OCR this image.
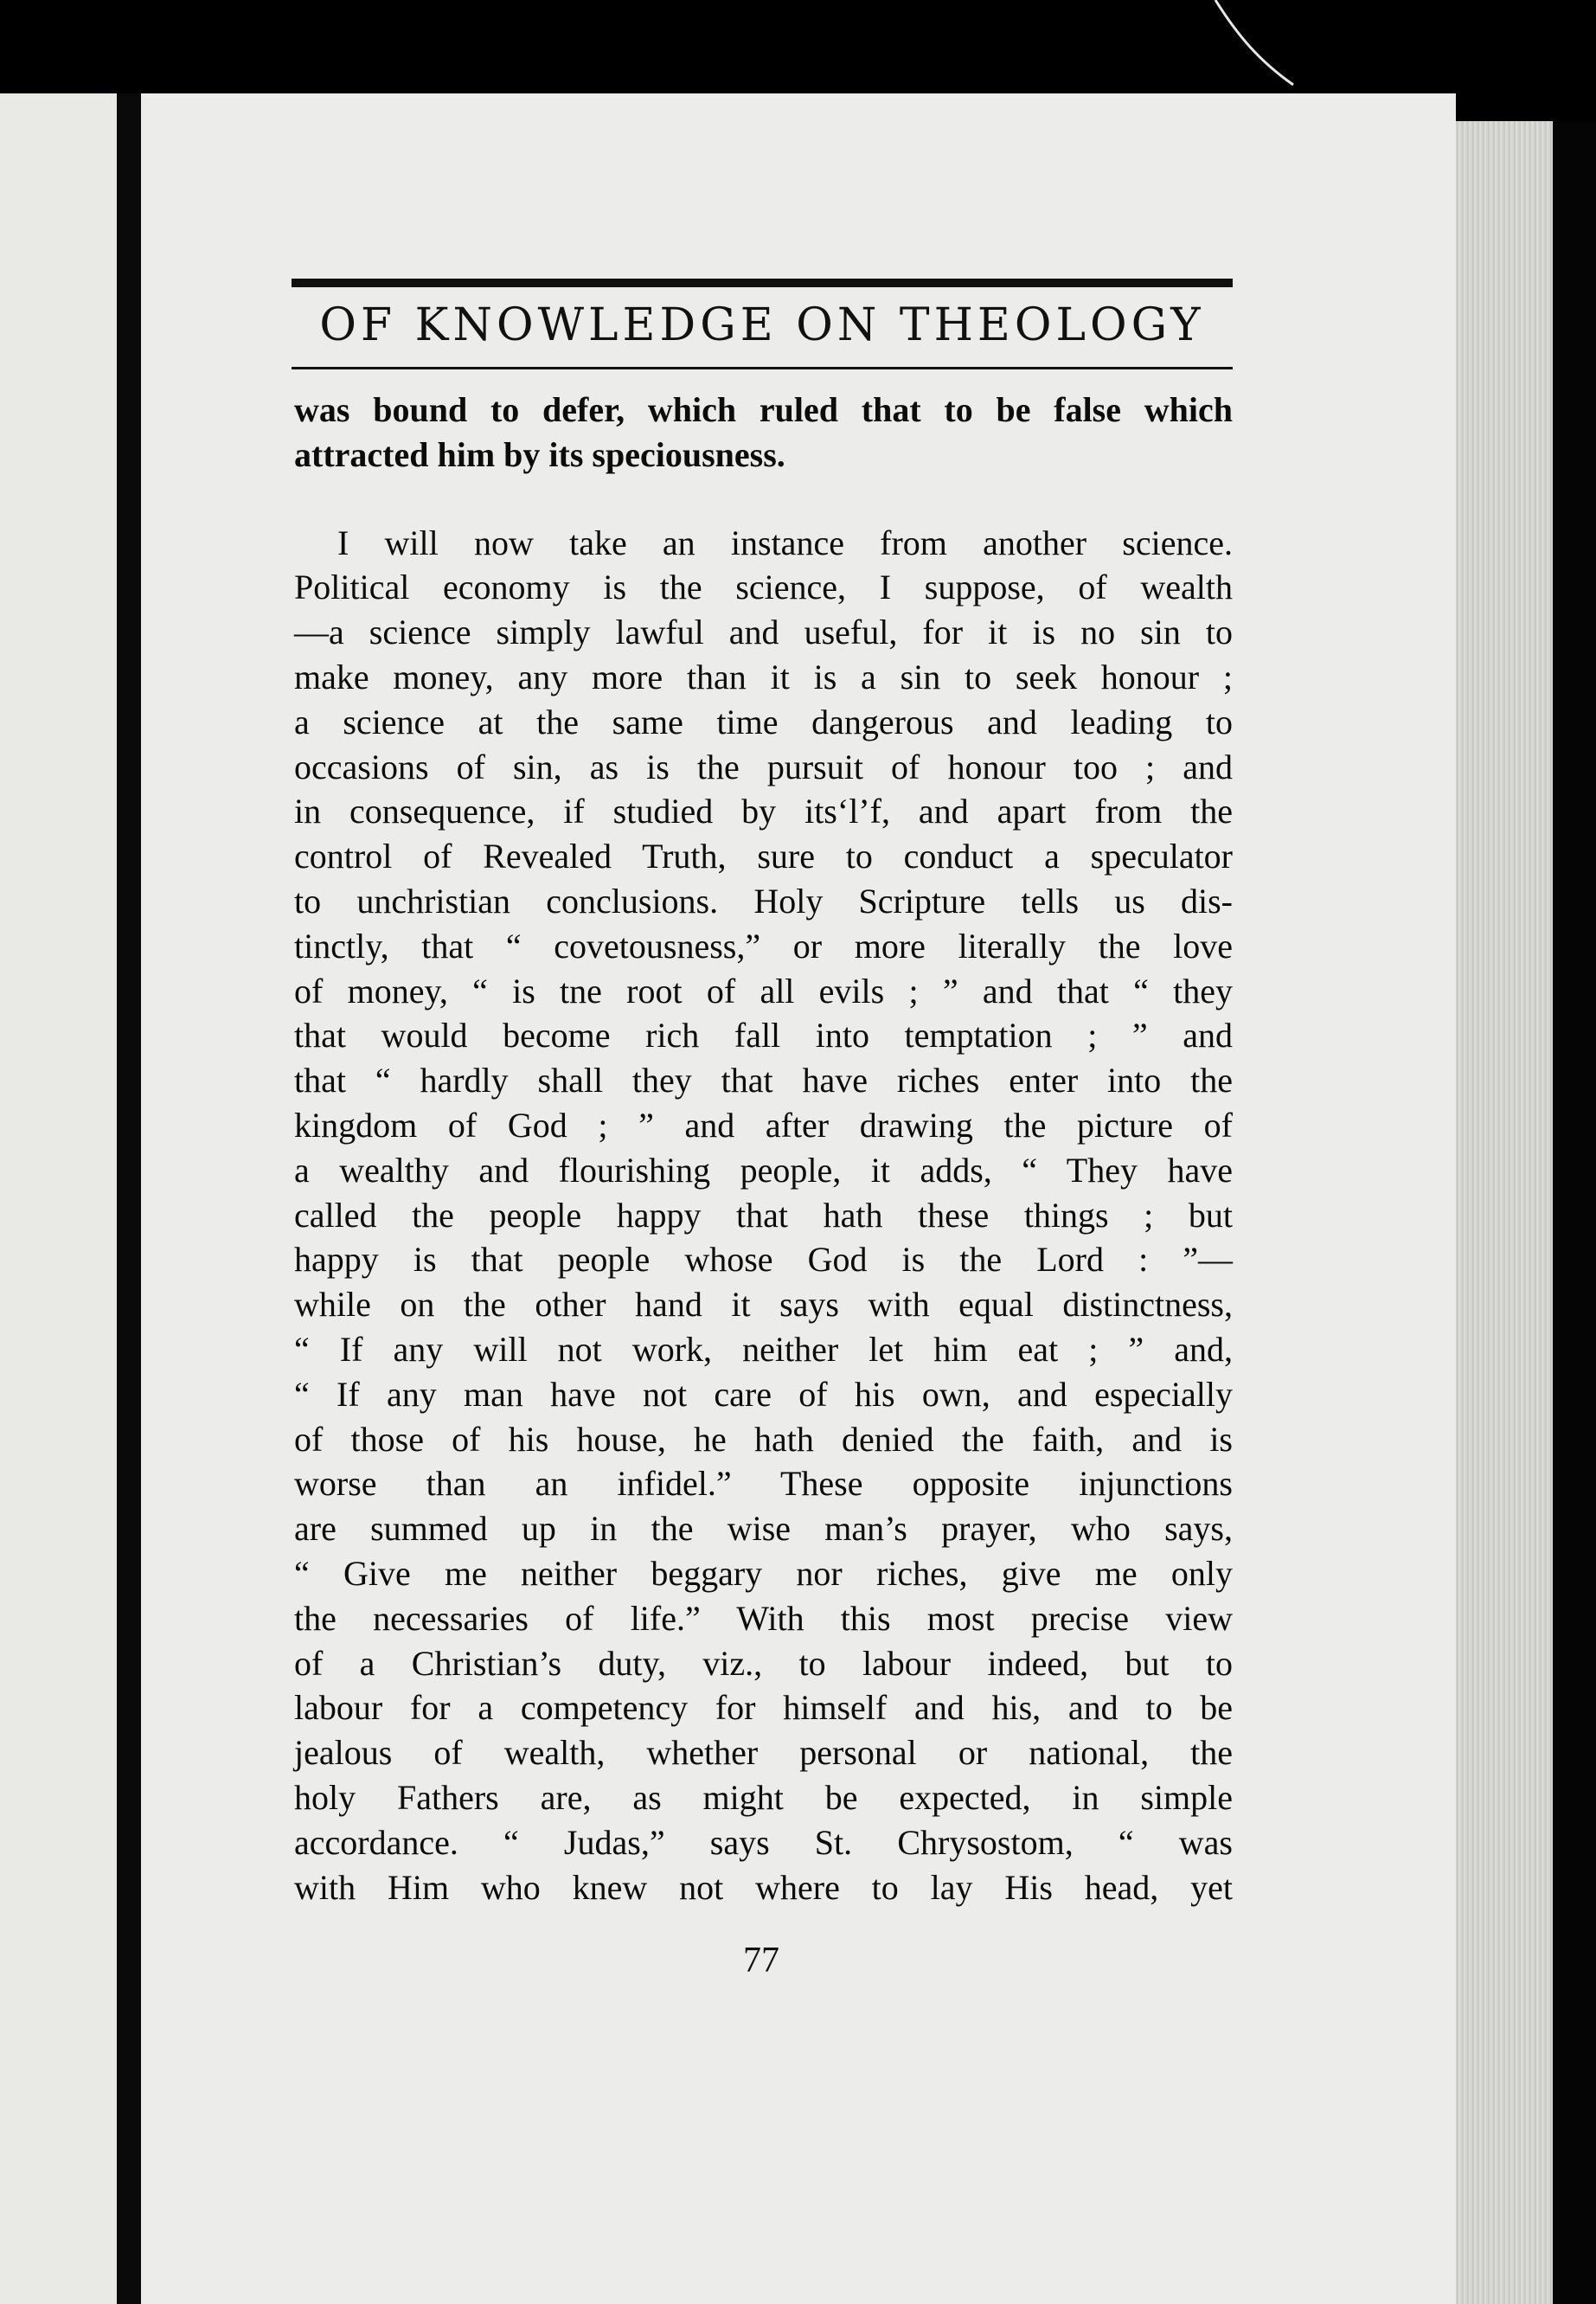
OF KNOWLEDGE ON THEOLOGY
was bound to defer, which ruled that to be false which
attracted him by its speciousness.
I will now take an instance from another science.
Political economy is the science, I suppose, of wealth
—a science simply lawful and useful, for it is no sin to
make money, any more than it is a sin to seek honour ;
a science at the same time dangerous and leading to
occasions of sin, as is the pursuit of honour too ; and
in consequence, if studied by its‘l’f, and apart from the
control of Revealed Truth, sure to conduct a speculator
to unchristian conclusions. Holy Scripture tells us dis-
tinctly, that “ covetousness,” or more literally the love
of money, “ is tne root of all evils ; ” and that “ they
that would become rich fall into temptation ; ” and
that “ hardly shall they that have riches enter into the
kingdom of God ; ” and after drawing the picture of
a wealthy and flourishing people, it adds, “ They have
called the people happy that hath these things ; but
happy is that people whose God is the Lord : ”—
while on the other hand it says with equal distinctness,
“ If any will not work, neither let him eat ; ” and,
“ If any man have not care of his own, and especially
of those of his house, he hath denied the faith, and is
worse than an infidel.” These opposite injunctions
are summed up in the wise man’s prayer, who says,
“ Give me neither beggary nor riches, give me only
the necessaries of life.” With this most precise view
of a Christian’s duty, viz., to labour indeed, but to
labour for a competency for himself and his, and to be
jealous of wealth, whether personal or national, the
holy Fathers are, as might be expected, in simple
accordance. “ Judas,” says St. Chrysostom, “ was
with Him who knew not where to lay His head, yet
77
